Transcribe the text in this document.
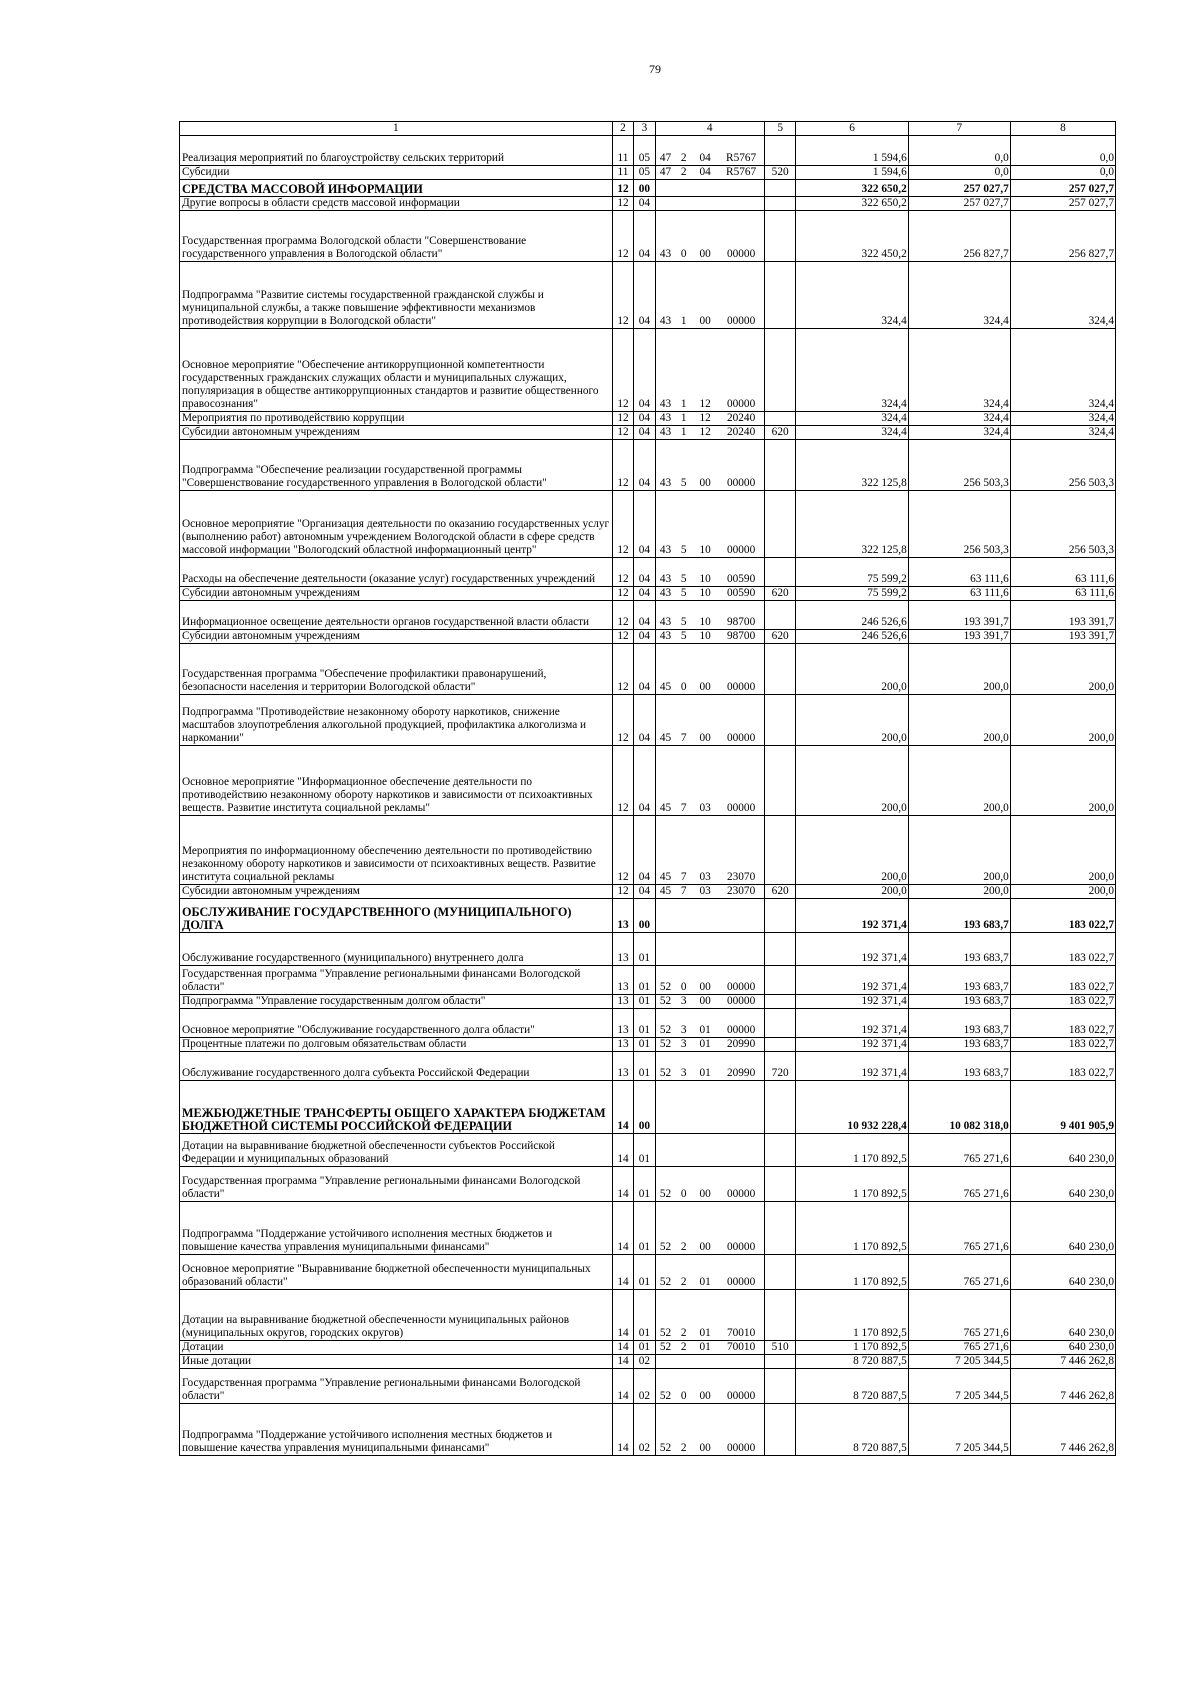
79
1	2	3	4				5	6	7	8
Реализация мероприятий по благоустройству сельских территорий	11	05	47	2	04	R5767		1 594,6	0,0	0,0
Субсидии	11	05	47	2	04	R5767	520	1 594,6	0,0	0,0
СРЕДСТВА МАССОВОЙ ИНФОРМАЦИИ	12	00						322 650,2	257 027,7	257 027,7
Другие вопросы в области средств массовой информации	12	04						322 650,2	257 027,7	257 027,7
Государственная программа Вологодской области "Совершенствование государственного управления в Вологодской области"	12	04	43	0	00	00000		322 450,2	256 827,7	256 827,7
Подпрограмма "Развитие системы государственной гражданской службы и муниципальной службы, а также повышение эффективности механизмов противодействия коррупции в Вологодской области"	12	04	43	1	00	00000		324,4	324,4	324,4
Основное мероприятие "Обеспечение антикоррупционной компетентности государственных гражданских служащих области и муниципальных служащих, популяризация в обществе антикоррупционных стандартов и развитие общественного правосознания"	12	04	43	1	12	00000		324,4	324,4	324,4
Мероприятия по противодействию коррупции	12	04	43	1	12	20240		324,4	324,4	324,4
Субсидии автономным учреждениям	12	04	43	1	12	20240	620	324,4	324,4	324,4
Подпрограмма "Обеспечение реализации государственной программы "Совершенствование государственного управления в Вологодской области"	12	04	43	5	00	00000		322 125,8	256 503,3	256 503,3
Основное мероприятие "Организация деятельности по оказанию государственных услуг (выполнению работ) автономным учреждением Вологодской области в сфере средств массовой информации "Вологодский областной информационный центр"	12	04	43	5	10	00000		322 125,8	256 503,3	256 503,3
Расходы на обеспечение деятельности (оказание услуг) государственных учреждений	12	04	43	5	10	00590		75 599,2	63 111,6	63 111,6
Субсидии автономным учреждениям	12	04	43	5	10	00590	620	75 599,2	63 111,6	63 111,6
Информационное освещение деятельности органов государственной власти области	12	04	43	5	10	98700		246 526,6	193 391,7	193 391,7
Субсидии автономным учреждениям	12	04	43	5	10	98700	620	246 526,6	193 391,7	193 391,7
Государственная программа "Обеспечение профилактики правонарушений, безопасности населения и территории Вологодской области"	12	04	45	0	00	00000		200,0	200,0	200,0
Подпрограмма "Противодействие незаконному обороту наркотиков, снижение масштабов злоупотребления алкогольной продукцией, профилактика алкоголизма и наркомании"	12	04	45	7	00	00000		200,0	200,0	200,0
Основное мероприятие "Информационное обеспечение деятельности по противодействию незаконному обороту наркотиков и зависимости от психоактивных веществ. Развитие института социальной рекламы"	12	04	45	7	03	00000		200,0	200,0	200,0
Мероприятия по информационному обеспечению деятельности по противодействию незаконному обороту наркотиков и зависимости от психоактивных веществ. Развитие института социальной рекламы	12	04	45	7	03	23070		200,0	200,0	200,0
Субсидии автономным учреждениям	12	04	45	7	03	23070	620	200,0	200,0	200,0
ОБСЛУЖИВАНИЕ ГОСУДАРСТВЕННОГО (МУНИЦИПАЛЬНОГО) ДОЛГА	13	00						192 371,4	193 683,7	183 022,7
Обслуживание государственного (муниципального) внутреннего долга	13	01						192 371,4	193 683,7	183 022,7
Государственная программа "Управление региональными финансами Вологодской области"	13	01	52	0	00	00000		192 371,4	193 683,7	183 022,7
Подпрограмма "Управление государственным долгом области"	13	01	52	3	00	00000		192 371,4	193 683,7	183 022,7
Основное мероприятие "Обслуживание государственного долга области"	13	01	52	3	01	00000		192 371,4	193 683,7	183 022,7
Процентные платежи по долговым обязательствам области	13	01	52	3	01	20990		192 371,4	193 683,7	183 022,7
Обслуживание государственного долга субъекта Российской Федерации	13	01	52	3	01	20990	720	192 371,4	193 683,7	183 022,7
МЕЖБЮДЖЕТНЫЕ ТРАНСФЕРТЫ ОБЩЕГО ХАРАКТЕРА БЮДЖЕТАМ БЮДЖЕТНОЙ СИСТЕМЫ РОССИЙСКОЙ ФЕДЕРАЦИИ	14	00						10 932 228,4	10 082 318,0	9 401 905,9
Дотации на выравнивание бюджетной обеспеченности субъектов Российской Федерации и муниципальных образований	14	01						1 170 892,5	765 271,6	640 230,0
Государственная программа "Управление региональными финансами Вологодской области"	14	01	52	0	00	00000		1 170 892,5	765 271,6	640 230,0
Подпрограмма "Поддержание устойчивого исполнения местных бюджетов и повышение качества управления муниципальными финансами"	14	01	52	2	00	00000		1 170 892,5	765 271,6	640 230,0
Основное мероприятие "Выравнивание бюджетной обеспеченности муниципальных образований области"	14	01	52	2	01	00000		1 170 892,5	765 271,6	640 230,0
Дотации на выравнивание бюджетной обеспеченности муниципальных районов (муниципальных округов, городских округов)	14	01	52	2	01	70010		1 170 892,5	765 271,6	640 230,0
Дотации	14	01	52	2	01	70010	510	1 170 892,5	765 271,6	640 230,0
Иные дотации	14	02						8 720 887,5	7 205 344,5	7 446 262,8
Государственная программа "Управление региональными финансами Вологодской области"	14	02	52	0	00	00000		8 720 887,5	7 205 344,5	7 446 262,8
Подпрограмма "Поддержание устойчивого исполнения местных бюджетов и повышение качества управления муниципальными финансами"	14	02	52	2	00	00000		8 720 887,5	7 205 344,5	7 446 262,8
